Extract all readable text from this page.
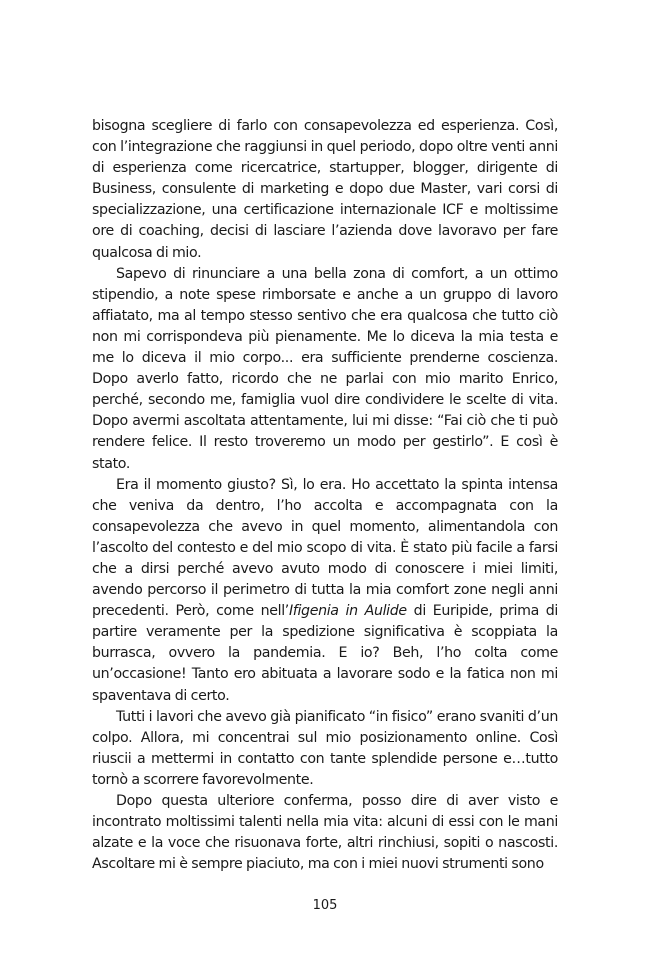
bisogna scegliere di farlo con consapevolezza ed esperienza. Così, con l’integrazione che raggiunsi in quel periodo, dopo oltre venti anni di esperienza come ricercatrice, startupper, blogger, dirigente di Business, consulente di marketing e dopo due Master, vari corsi di specializzazione, una certificazione internazionale ICF e moltissime ore di coaching, decisi di lasciare l’azienda dove lavoravo per fare qualcosa di mio.

Sapevo di rinunciare a una bella zona di comfort, a un ottimo stipendio, a note spese rimborsate e anche a un gruppo di lavoro affiatato, ma al tempo stesso sentivo che era qualcosa che tutto ciò non mi corrispondeva più pienamente. Me lo diceva la mia testa e me lo diceva il mio corpo... era sufficiente prenderne coscienza. Dopo averlo fatto, ricordo che ne parlai con mio marito Enrico, perché, secondo me, famiglia vuol dire condividere le scelte di vita. Dopo avermi ascoltata attentamente, lui mi disse: “Fai ciò che ti può rendere felice. Il resto troveremo un modo per gestirlo”. E così è stato.

Era il momento giusto? Sì, lo era. Ho accettato la spinta intensa che veniva da dentro, l’ho accolta e accompagnata con la consapevolezza che avevo in quel momento, alimentandola con l’ascolto del contesto e del mio scopo di vita. È stato più facile a farsi che a dirsi perché avevo avuto modo di conoscere i miei limiti, avendo percorso il perimetro di tutta la mia comfort zone negli anni precedenti. Però, come nell’Ifigenia in Aulide di Euripide, prima di partire veramente per la spedizione significativa è scoppiata la burrasca, ovvero la pandemia. E io? Beh, l’ho colta come un’occasione! Tanto ero abituata a lavorare sodo e la fatica non mi spaventava di certo.

Tutti i lavori che avevo già pianificato “in fisico” erano svaniti d’un colpo. Allora, mi concentrai sul mio posizionamento online. Così riuscii a mettermi in contatto con tante splendide persone e…tutto tornò a scorrere favorevolmente.

Dopo questa ulteriore conferma, posso dire di aver visto e incontrato moltissimi talenti nella mia vita: alcuni di essi con le mani alzate e la voce che risuonava forte, altri rinchiusi, sopiti o nascosti. Ascoltare mi è sempre piaciuto, ma con i miei nuovi strumenti sono

105
